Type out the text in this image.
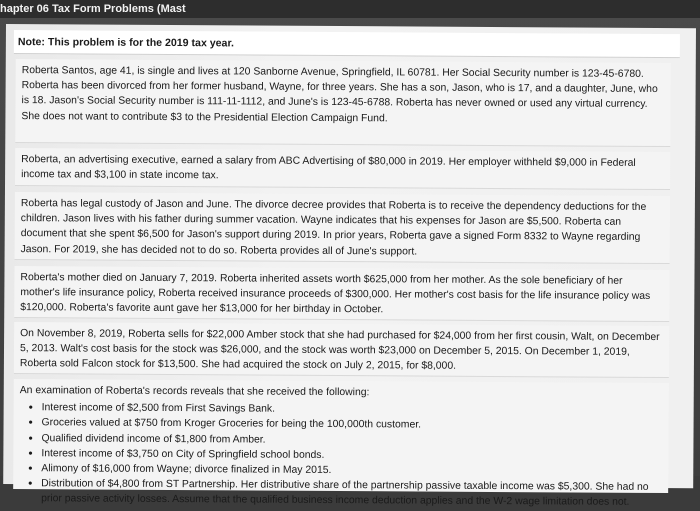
hapter 06 Tax Form Problems (Mast
Note: This problem is for the 2019 tax year.

Roberta Santos, age 41, is single and lives at 120 Sanborne Avenue, Springfield, IL 60781. Her Social Security number is 123-45-6780. Roberta has been divorced from her former husband, Wayne, for three years. She has a son, Jason, who is 17, and a daughter, June, who is 18. Jason's Social Security number is 111-11-1112, and June's is 123-45-6788. Roberta has never owned or used any virtual currency. She does not want to contribute $3 to the Presidential Election Campaign Fund.

Roberta, an advertising executive, earned a salary from ABC Advertising of $80,000 in 2019. Her employer withheld $9,000 in Federal income tax and $3,100 in state income tax.

Roberta has legal custody of Jason and June. The divorce decree provides that Roberta is to receive the dependency deductions for the children. Jason lives with his father during summer vacation. Wayne indicates that his expenses for Jason are $5,500. Roberta can document that she spent $6,500 for Jason's support during 2019. In prior years, Roberta gave a signed Form 8332 to Wayne regarding Jason. For 2019, she has decided not to do so. Roberta provides all of June's support.

Roberta's mother died on January 7, 2019. Roberta inherited assets worth $625,000 from her mother. As the sole beneficiary of her mother's life insurance policy, Roberta received insurance proceeds of $300,000. Her mother's cost basis for the life insurance policy was $120,000. Roberta's favorite aunt gave her $13,000 for her birthday in October.

On November 8, 2019, Roberta sells for $22,000 Amber stock that she had purchased for $24,000 from her first cousin, Walt, on December 5, 2013. Walt's cost basis for the stock was $26,000, and the stock was worth $23,000 on December 5, 2015. On December 1, 2019, Roberta sold Falcon stock for $13,500. She had acquired the stock on July 2, 2015, for $8,000.

An examination of Roberta's records reveals that she received the following:

• Interest income of $2,500 from First Savings Bank.
• Groceries valued at $750 from Kroger Groceries for being the 100,000th customer.
• Qualified dividend income of $1,800 from Amber.
• Interest income of $3,750 on City of Springfield school bonds.
• Alimony of $16,000 from Wayne; divorce finalized in May 2015.
• Distribution of $4,800 from ST Partnership. Her distributive share of the partnership passive taxable income was $5,300. She had no prior passive activity losses. Assume that the qualified business income deduction applies and the W-2 wage limitation does not.
